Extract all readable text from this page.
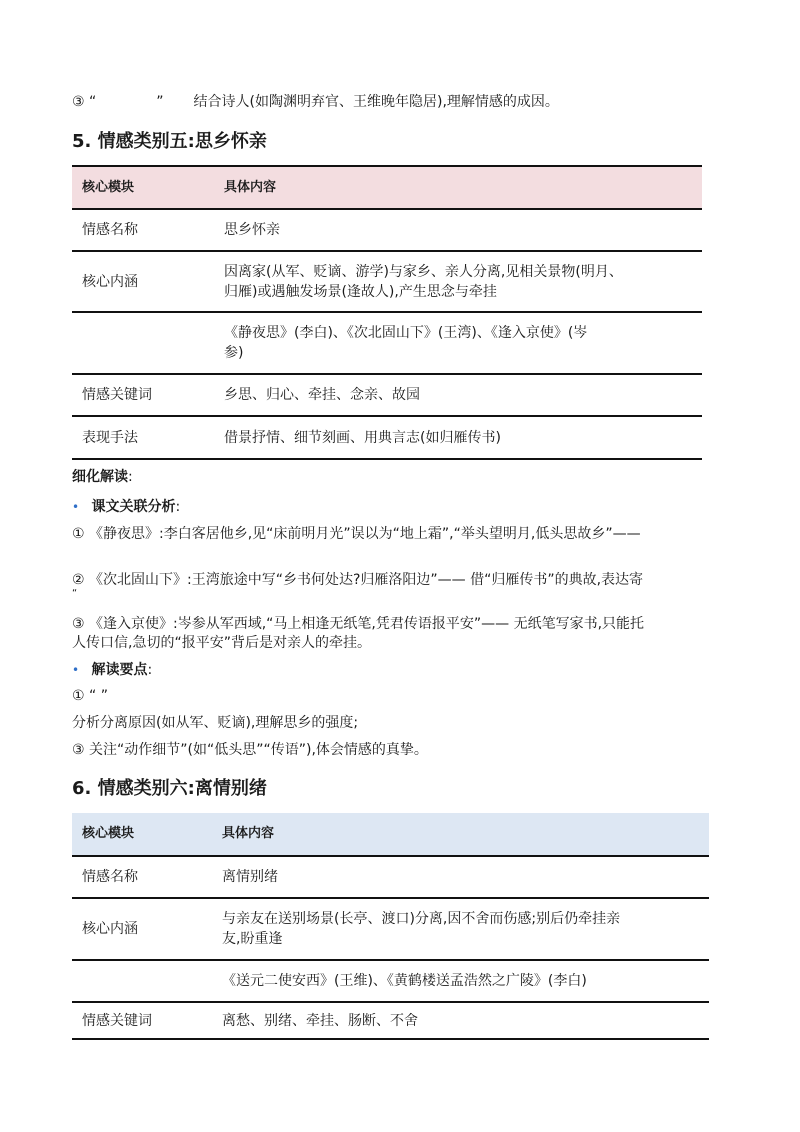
③ “	” 结合诗人(如陶渊明弃官、王维晚年隐居),理解情感的成因。
5. 情感类别五:思乡怀亲
核心模块	具体内容
情感名称	思乡怀亲
核心内涵	因离家(从军、贬谪、游学)与家乡、亲人分离,见相关景物(明月、
归雁)或遇触发场景(逢故人),产生思念与牵挂
	《静夜思》(李白)、《次北固山下》(王湾)、《逢入京使》(岑
参)
情感关键词	乡思、归心、牵挂、念亲、故园
表现手法	借景抒情、细节刻画、用典言志(如归雁传书)
细化解读:
• 课文关联分析:
① 《静夜思》:李白客居他乡,见“床前明月光”误以为“地上霜”,“举头望明月,低头思故乡”——
② 《次北固山下》:王湾旅途中写“乡书何处达?归雁洛阳边”—— 借“归雁传书”的典故,表达寄
“
③ 《逢入京使》:岑参从军西域,“马上相逢无纸笔,凭君传语报平安”—— 无纸笔写家书,只能托
人传口信,急切的“报平安”背后是对亲人的牵挂。
• 解读要点:
① “ ”
分析分离原因(如从军、贬谪),理解思乡的强度;
③ 关注“动作细节”(如“低头思”“传语”),体会情感的真挚。
6. 情感类别六:离情别绪
核心模块	具体内容
情感名称	离情别绪
核心内涵	与亲友在送别场景(长亭、渡口)分离,因不舍而伤感;别后仍牵挂亲
友,盼重逢
	《送元二使安西》(王维)、《黄鹤楼送孟浩然之广陵》(李白)
情感关键词	离愁、别绪、牵挂、肠断、不舍
